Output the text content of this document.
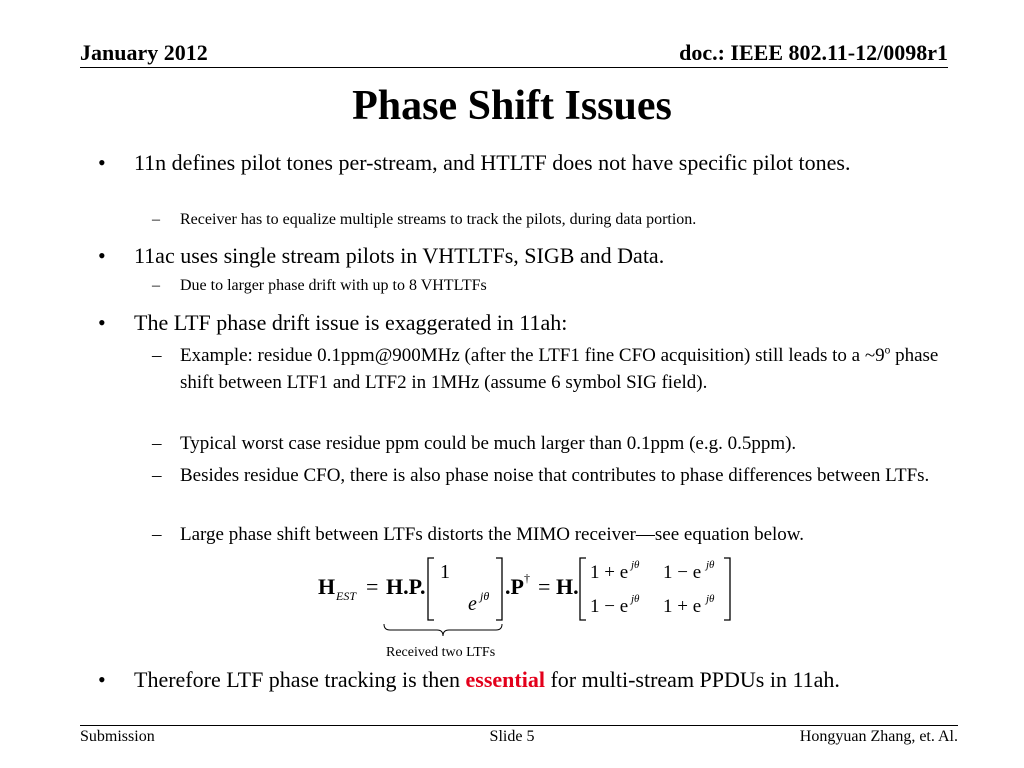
January 2012	doc.: IEEE 802.11-12/0098r1
Phase Shift Issues
• 11n defines pilot tones per-stream, and HTLTF does not have specific pilot tones.
– Receiver has to equalize multiple streams to track the pilots, during data portion.
• 11ac uses single stream pilots in VHTLTFs, SIGB and Data.
– Due to larger phase drift with up to 8 VHTLTFs
• The LTF phase drift issue is exaggerated in 11ah:
– Example: residue 0.1ppm@900MHz (after the LTF1 fine CFO acquisition) still leads to a ~9$^o$ phase shift between LTF1 and LTF2 in 1MHz (assume 6 symbol SIG field).
– Typical worst case residue ppm could be much larger than 0.1ppm (e.g. 0.5ppm).
– Besides residue CFO, there is also phase noise that contributes to phase differences between LTFs.
– Large phase shift between LTFs distorts the MIMO receiver—see equation below.
H EST = H.P.
1
e jθ .P † = H.
1 + e jθ 1 − e jθ
1 − e jθ 1 + e jθ
Received two LTFs
• Therefore LTF phase tracking is then essential for multi-stream PPDUs in 11ah.
Submission	Slide 5	Hongyuan Zhang, et. Al.
